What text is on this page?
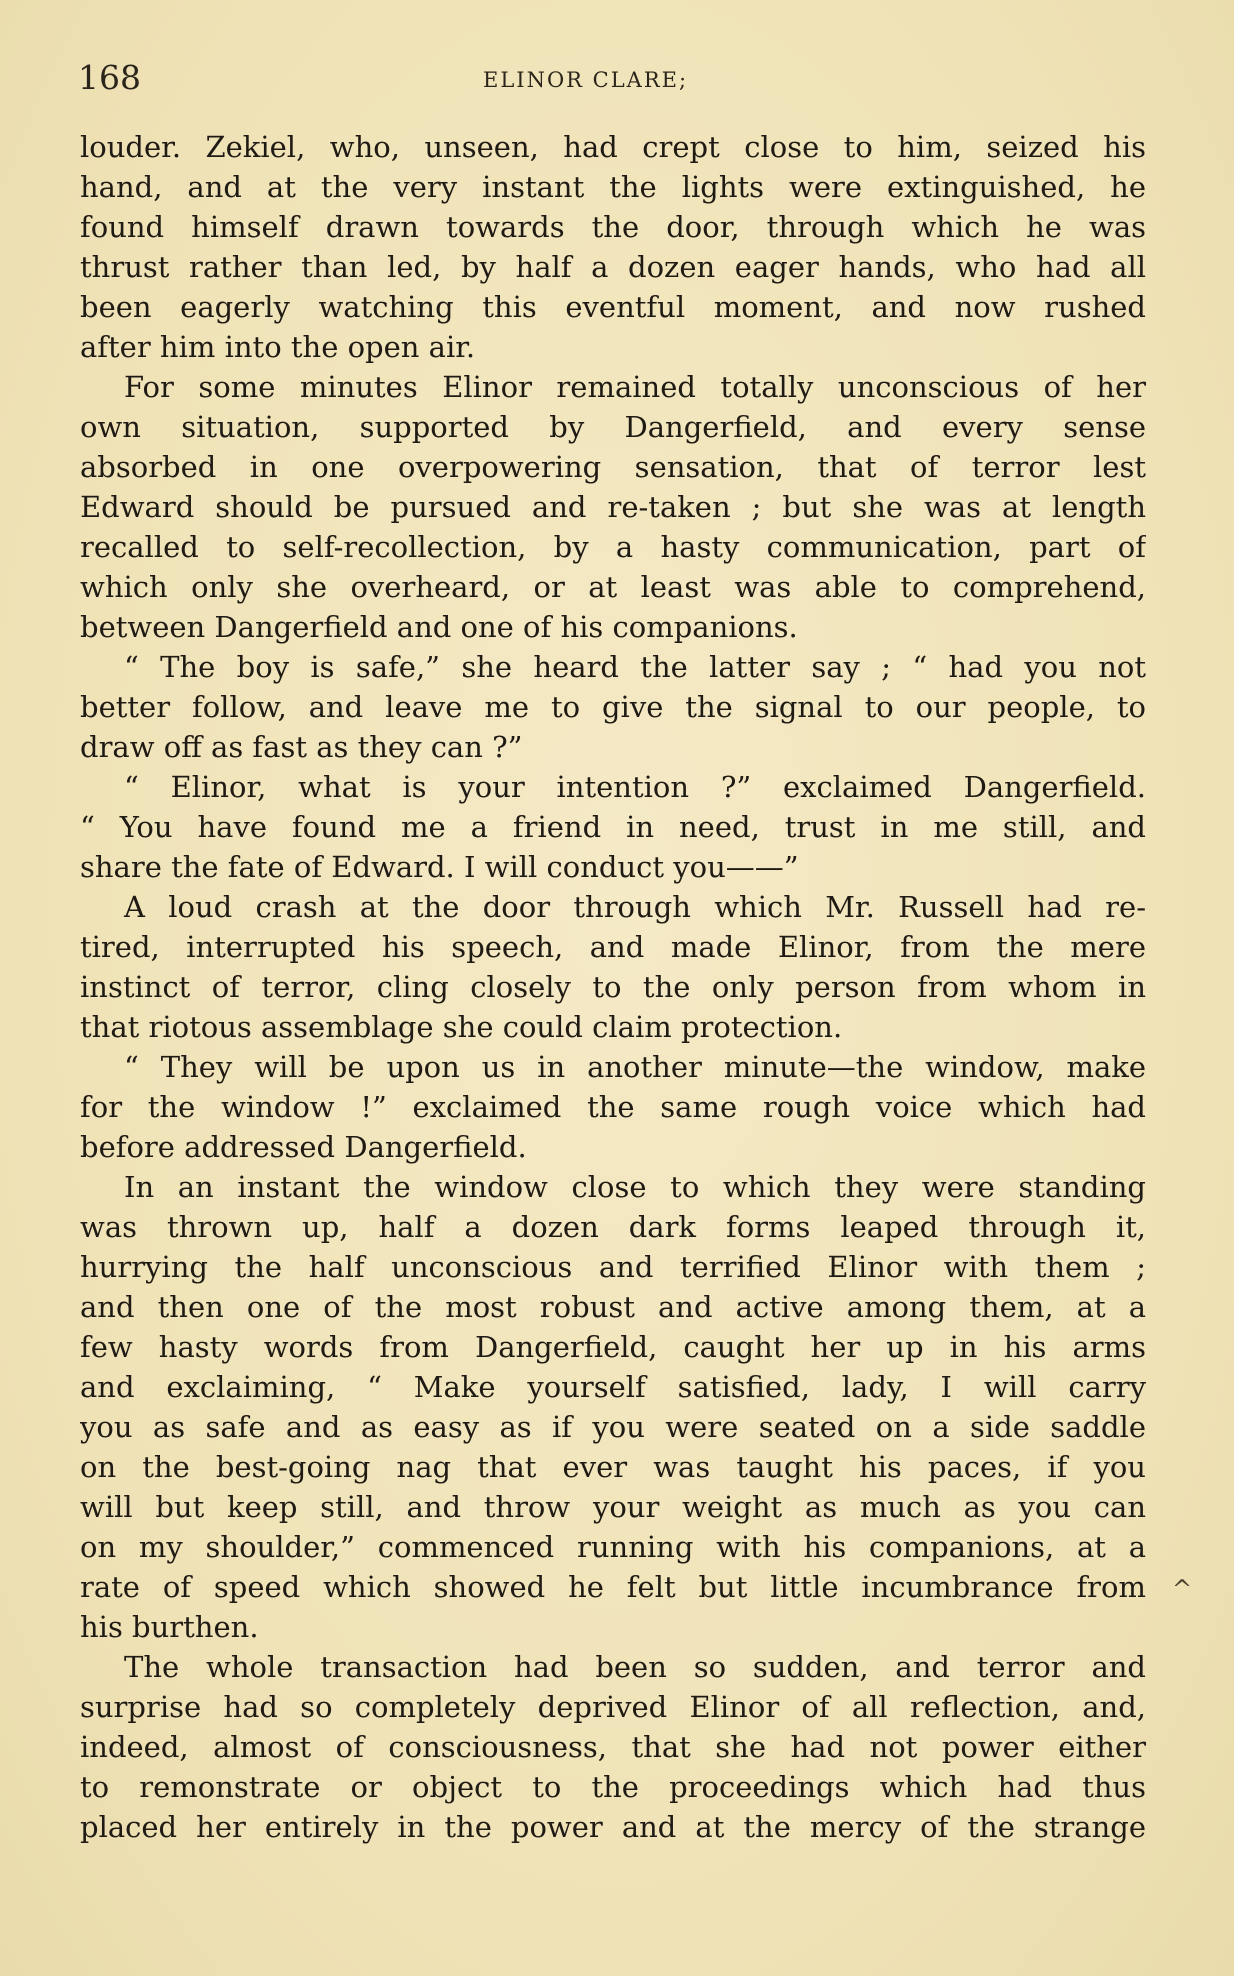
168	ELINOR CLARE;
louder. Zekiel, who, unseen, had crept close to him, seized his
hand, and at the very instant the lights were extinguished, he
found himself drawn towards the door, through which he was
thrust rather than led, by half a dozen eager hands, who had all
been eagerly watching this eventful moment, and now rushed
after him into the open air.
For some minutes Elinor remained totally unconscious of her
own situation, supported by Dangerfield, and every sense
absorbed in one overpowering sensation, that of terror lest
Edward should be pursued and re-taken ; but she was at length
recalled to self-recollection, by a hasty communication, part of
which only she overheard, or at least was able to comprehend,
between Dangerfield and one of his companions.
“ The boy is safe,” she heard the latter say ; “ had you not
better follow, and leave me to give the signal to our people, to
draw off as fast as they can ?”
“ Elinor, what is your intention ?” exclaimed Dangerfield.
“ You have found me a friend in need, trust in me still, and
share the fate of Edward. I will conduct you——”
A loud crash at the door through which Mr. Russell had re-
tired, interrupted his speech, and made Elinor, from the mere
instinct of terror, cling closely to the only person from whom in
that riotous assemblage she could claim protection.
“ They will be upon us in another minute—the window, make
for the window !” exclaimed the same rough voice which had
before addressed Dangerfield.
In an instant the window close to which they were standing
was thrown up, half a dozen dark forms leaped through it,
hurrying the half unconscious and terrified Elinor with them ;
and then one of the most robust and active among them, at a
few hasty words from Dangerfield, caught her up in his arms
and exclaiming, “ Make yourself satisfied, lady, I will carry
you as safe and as easy as if you were seated on a side saddle
on the best-going nag that ever was taught his paces, if you
will but keep still, and throw your weight as much as you can
on my shoulder,” commenced running with his companions, at a
rate of speed which showed he felt but little incumbrance from
his burthen.
The whole transaction had been so sudden, and terror and
surprise had so completely deprived Elinor of all reflection, and,
indeed, almost of consciousness, that she had not power either
to remonstrate or object to the proceedings which had thus
placed her entirely in the power and at the mercy of the strange
^
